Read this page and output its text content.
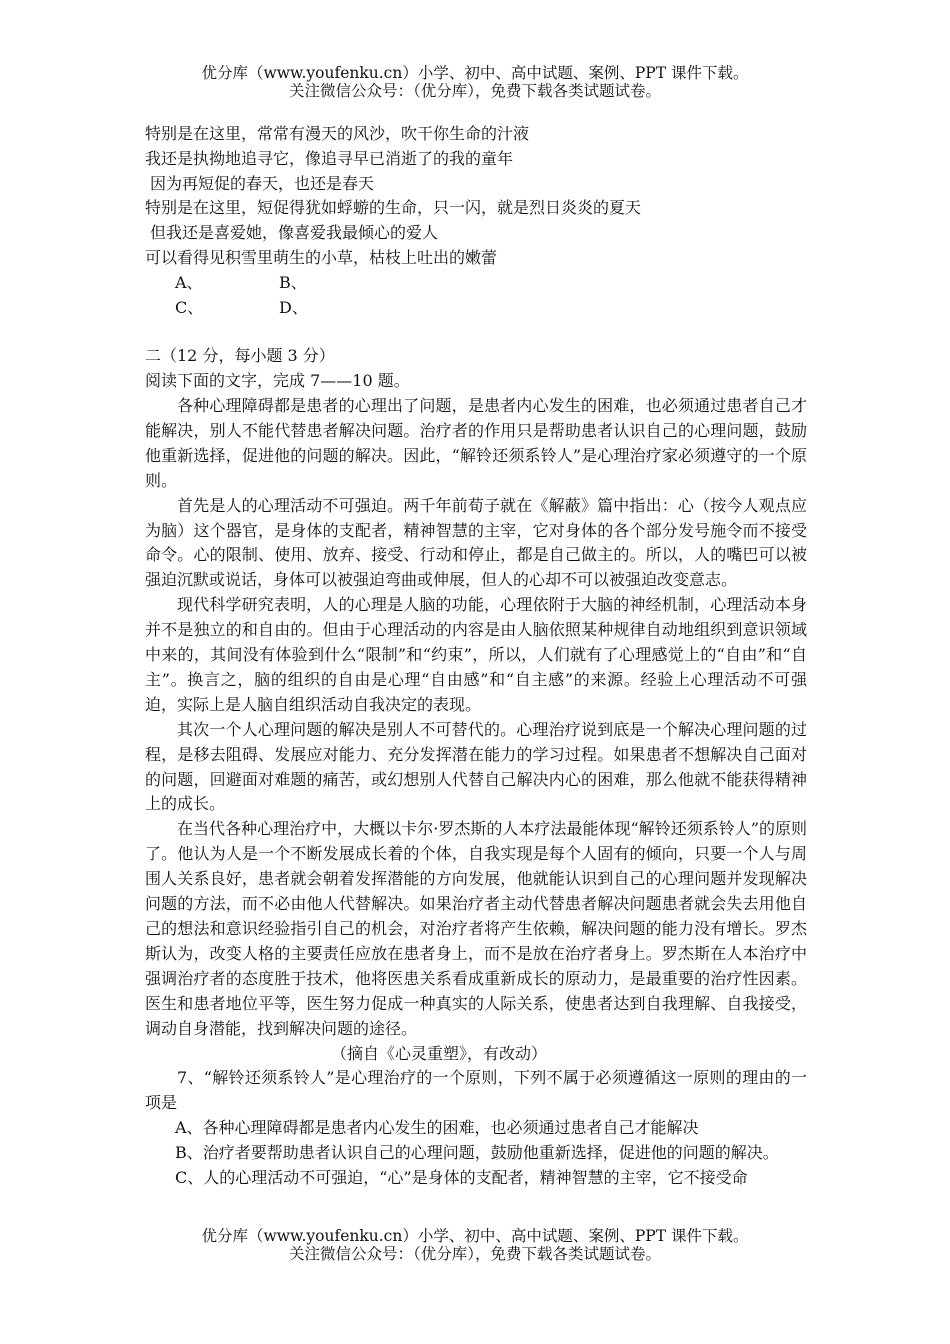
优分库（www.youfenku.cn）小学、初中、高中试题、案例、PPT 课件下载。
关注微信公众号：（优分库），免费下载各类试题试卷。
特别是在这里，常常有漫天的风沙，吹干你生命的汁液
我还是执拗地追寻它，像追寻早已消逝了的我的童年
因为再短促的春天，也还是春天
特别是在这里，短促得犹如蜉蝣的生命，只一闪，就是烈日炎炎的夏天
但我还是喜爱她，像喜爱我最倾心的爱人
可以看得见积雪里萌生的小草，枯枝上吐出的嫩蕾
A、	B、
C、	D、
二（12 分，每小题 3 分）
阅读下面的文字，完成 7——10 题。
各种心理障碍都是患者的心理出了问题，是患者内心发生的困难，也必须通过患者自己才能解决，别人不能代替患者解决问题。治疗者的作用只是帮助患者认识自己的心理问题，鼓励他重新选择，促进他的问题的解决。因此，“解铃还须系铃人”是心理治疗家必须遵守的一个原则。
首先是人的心理活动不可强迫。两千年前荀子就在《解蔽》篇中指出：心（按今人观点应为脑）这个器官，是身体的支配者，精神智慧的主宰，它对身体的各个部分发号施令而不接受命令。心的限制、使用、放弃、接受、行动和停止，都是自己做主的。所以，人的嘴巴可以被强迫沉默或说话，身体可以被强迫弯曲或伸展，但人的心却不可以被强迫改变意志。
现代科学研究表明，人的心理是人脑的功能，心理依附于大脑的神经机制，心理活动本身并不是独立的和自由的。但由于心理活动的内容是由人脑依照某种规律自动地组织到意识领域中来的，其间没有体验到什么“限制”和“约束”，所以，人们就有了心理感觉上的“自由”和“自主”。换言之，脑的组织的自由是心理“自由感”和“自主感”的来源。经验上心理活动不可强迫，实际上是人脑自组织活动自我决定的表现。
其次一个人心理问题的解决是别人不可替代的。心理治疗说到底是一个解决心理问题的过程，是移去阻碍、发展应对能力、充分发挥潜在能力的学习过程。如果患者不想解决自己面对的问题，回避面对难题的痛苦，或幻想别人代替自己解决内心的困难，那么他就不能获得精神上的成长。
在当代各种心理治疗中，大概以卡尔·罗杰斯的人本疗法最能体现“解铃还须系铃人”的原则了。他认为人是一个不断发展成长着的个体，自我实现是每个人固有的倾向，只要一个人与周围人关系良好，患者就会朝着发挥潜能的方向发展，他就能认识到自己的心理问题并发现解决问题的方法，而不必由他人代替解决。如果治疗者主动代替患者解决问题患者就会失去用他自己的想法和意识经验指引自己的机会，对治疗者将产生依赖，解决问题的能力没有增长。罗杰斯认为，改变人格的主要责任应放在患者身上，而不是放在治疗者身上。罗杰斯在人本治疗中强调治疗者的态度胜于技术，他将医患关系看成重新成长的原动力，是最重要的治疗性因素。医生和患者地位平等，医生努力促成一种真实的人际关系，使患者达到自我理解、自我接受，调动自身潜能，找到解决问题的途径。
（摘自《心灵重塑》，有改动）
7、“解铃还须系铃人”是心理治疗的一个原则，下列不属于必须遵循这一原则的理由的一项是
A、各种心理障碍都是患者内心发生的困难，也必须通过患者自己才能解决
B、治疗者要帮助患者认识自己的心理问题，鼓励他重新选择，促进他的问题的解决。
C、人的心理活动不可强迫，“心”是身体的支配者，精神智慧的主宰，它不接受命
优分库（www.youfenku.cn）小学、初中、高中试题、案例、PPT 课件下载。
关注微信公众号：（优分库），免费下载各类试题试卷。
